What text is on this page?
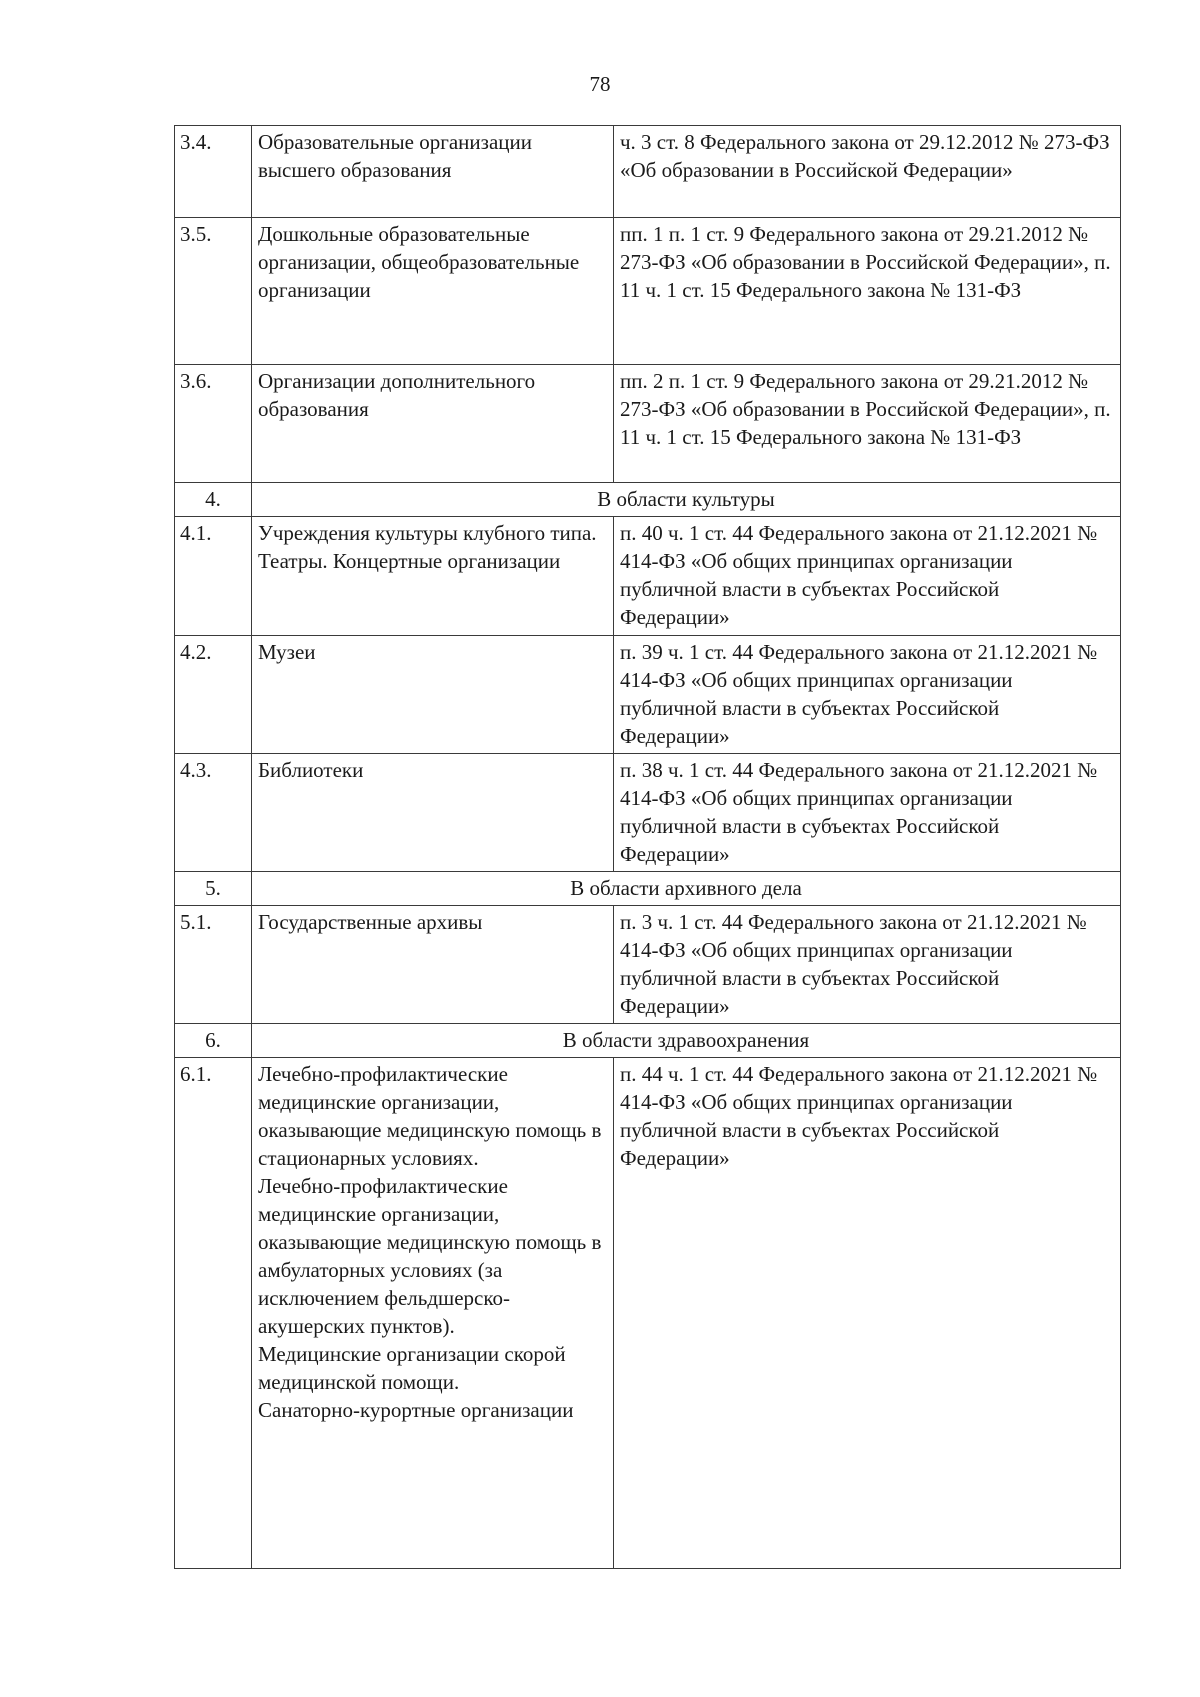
78
3.4.	Образовательные организации высшего образования	ч. 3 ст. 8 Федерального закона от 29.12.2012 № 273-ФЗ «Об образовании в Российской Федерации»
3.5.	Дошкольные образовательные организации, общеобразовательные организации	пп. 1 п. 1 ст. 9 Федерального закона от 29.21.2012 № 273-ФЗ «Об образовании в Российской Федерации», п. 11 ч. 1 ст. 15 Федерального закона № 131-ФЗ
3.6.	Организации дополнительного образования	пп. 2 п. 1 ст. 9 Федерального закона от 29.21.2012 № 273-ФЗ «Об образовании в Российской Федерации», п. 11 ч. 1 ст. 15 Федерального закона № 131-ФЗ
4.	В области культуры	
4.1.	Учреждения культуры клубного типа. Театры. Концертные организации	п. 40 ч. 1 ст. 44 Федерального закона от 21.12.2021 № 414-ФЗ «Об общих принципах организации публичной власти в субъектах Российской Федерации»
4.2.	Музеи	п. 39 ч. 1 ст. 44 Федерального закона от 21.12.2021 № 414-ФЗ «Об общих принципах организации публичной власти в субъектах Российской Федерации»
4.3.	Библиотеки	п. 38 ч. 1 ст. 44 Федерального закона от 21.12.2021 № 414-ФЗ «Об общих принципах организации публичной власти в субъектах Российской Федерации»
5.	В области архивного дела	
5.1.	Государственные архивы	п. 3 ч. 1 ст. 44 Федерального закона от 21.12.2021 № 414-ФЗ «Об общих принципах организации публичной власти в субъектах Российской Федерации»
6.	В области здравоохранения	
6.1.	Лечебно-профилактические медицинские организации, оказывающие медицинскую помощь в стационарных условиях.
Лечебно-профилактические медицинские организации, оказывающие медицинскую помощь в амбулаторных условиях (за исключением фельдшерско-акушерских пунктов).
Медицинские организации скорой медицинской помощи.
Санаторно-курортные организации	п. 44 ч. 1 ст. 44 Федерального закона от 21.12.2021 № 414-ФЗ «Об общих принципах организации публичной власти в субъектах Российской Федерации»
